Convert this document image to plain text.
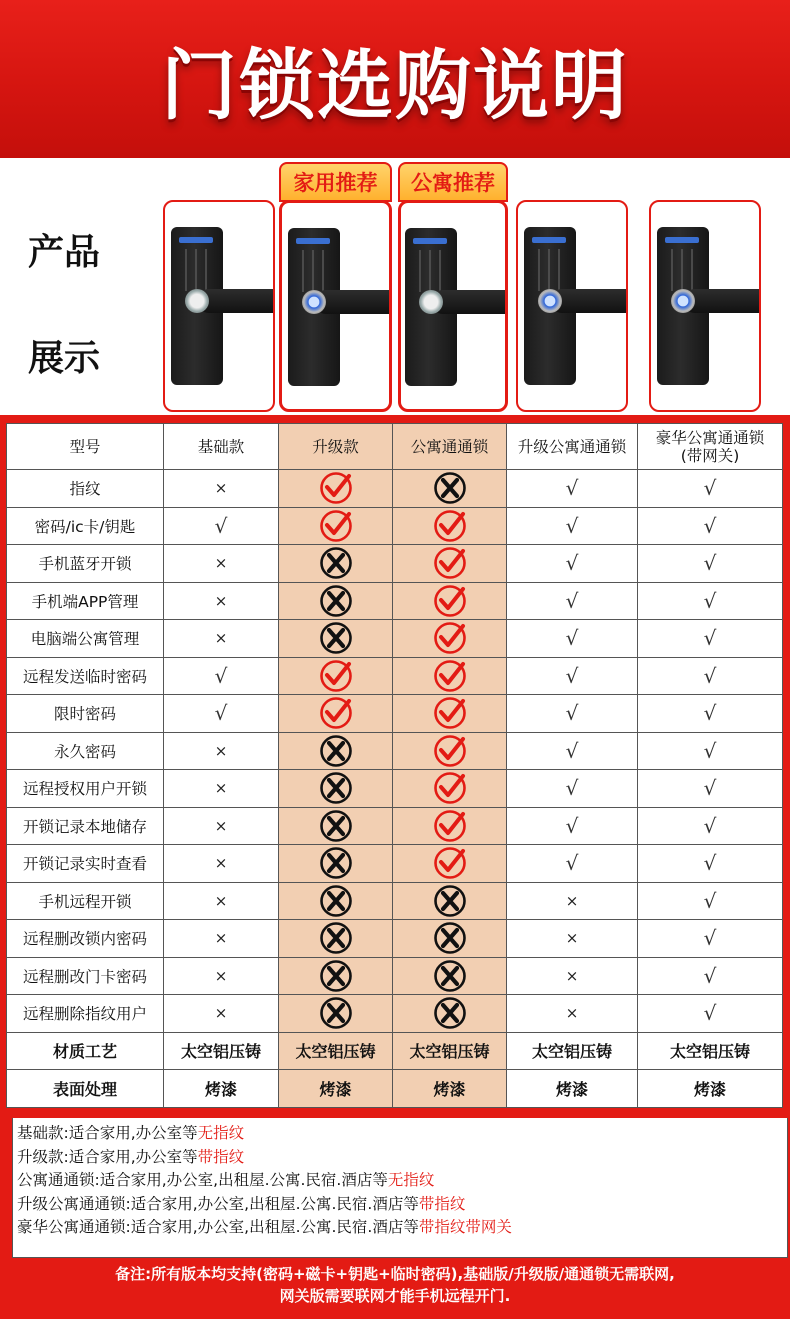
门锁选购说明
产品
展示
家用推荐	公寓推荐
型号	基础款	升级款	公寓通通锁	升级公寓通通锁	豪华公寓通通锁
(带网关)
指纹	×			√	√
密码/ic卡/钥匙	√			√	√
手机蓝牙开锁	×			√	√
手机端APP管理	×			√	√
电脑端公寓管理	×			√	√
远程发送临时密码	√			√	√
限时密码	√			√	√
永久密码	×			√	√
远程授权用户开锁	×			√	√
开锁记录本地储存	×			√	√
开锁记录实时查看	×			√	√
手机远程开锁	×			×	√
远程删改锁内密码	×			×	√
远程删改门卡密码	×			×	√
远程删除指纹用户	×			×	√
材质工艺	太空铝压铸	太空铝压铸	太空铝压铸	太空铝压铸	太空铝压铸
表面处理	烤漆	烤漆	烤漆	烤漆	烤漆

基础款:适合家用,办公室等无指纹

升级款:适合家用,办公室等带指纹

公寓通通锁:适合家用,办公室,出租屋.公寓.民宿.酒店等无指纹

升级公寓通通锁:适合家用,办公室,出租屋.公寓.民宿.酒店等带指纹

豪华公寓通通锁:适合家用,办公室,出租屋.公寓.民宿.酒店等带指纹带网关

备注:所有版本均支持(密码+磁卡+钥匙+临时密码),基础版/升级版/通通锁无需联网,
网关版需要联网才能手机远程开门.
